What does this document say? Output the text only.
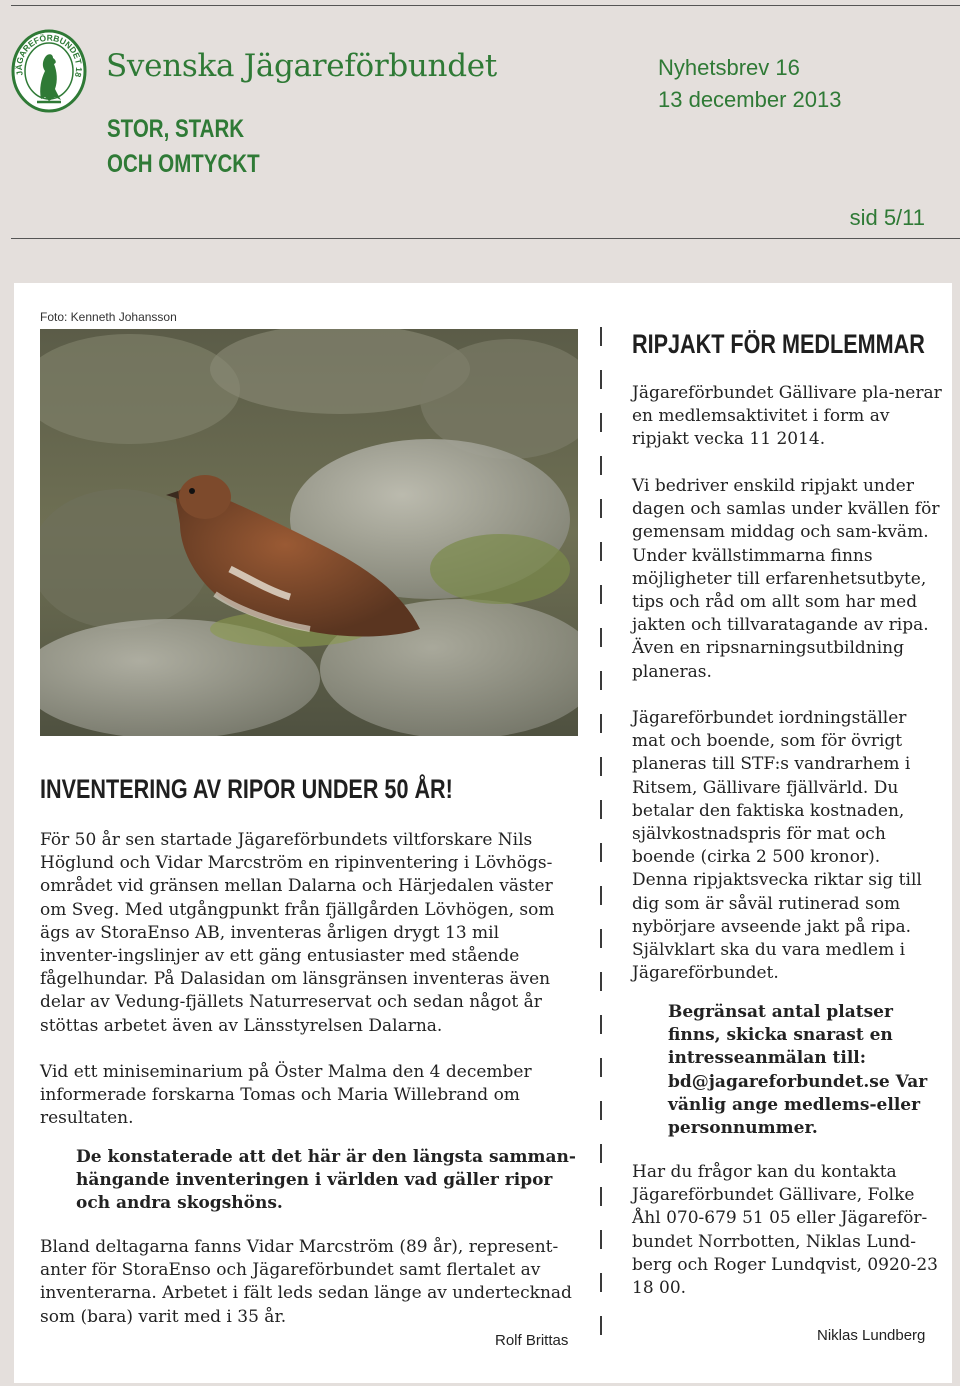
JÄGAREFÖRBUNDET 18 Svenska Jägareförbundet
STOR, STARK
OCH OMTYCKT
Nyhetsbrev 16
13 december 2013
sid 5/11
Foto: Kenneth Johansson
INVENTERING AV RIPOR UNDER 50 ÅR!

För 50 år sen startade Jägareförbundets viltforskare Nils Höglund och Vidar Marcström en ripinventering i Lövhögs-området vid gränsen mellan Dalarna och Härjedalen väster om Sveg. Med utgångpunkt från fjällgården Lövhögen, som ägs av StoraEnso AB, inventeras årligen drygt 13 mil inventer-ingslinjer av ett gäng entusiaster med stående fågelhundar. På Dalasidan om länsgränsen inventeras även delar av Vedung-fjällets Naturreservat och sedan något år stöttas arbetet även av Länsstyrelsen Dalarna.

Vid ett miniseminarium på Öster Malma den 4 december informerade forskarna Tomas och Maria Willebrand om resultaten.

De konstaterade att det här är den längsta samman-hängande inventeringen i världen vad gäller ripor och andra skogshöns.

Bland deltagarna fanns Vidar Marcström (89 år), represent-anter för StoraEnso och Jägareförbundet samt flertalet av inventerarna. Arbetet i fält leds sedan länge av undertecknad som (bara) varit med i 35 år.

Rolf Brittas
RIPJAKT FÖR MEDLEMMAR

Jägareförbundet Gällivare pla-nerar en medlemsaktivitet i form av ripjakt vecka 11 2014.

Vi bedriver enskild ripjakt under dagen och samlas under kvällen för gemensam middag och sam-kväm. Under kvällstimmarna finns möjligheter till erfarenhetsutbyte, tips och råd om allt som har med jakten och tillvaratagande av ripa. Även en ripsnarningsutbildning planeras.

Jägareförbundet iordningställer mat och boende, som för övrigt planeras till STF:s vandrarhem i Ritsem, Gällivare fjällvärld. Du betalar den faktiska kostnaden, självkostnadspris för mat och boende (cirka 2 500 kronor). Denna ripjaktsvecka riktar sig till dig som är såväl rutinerad som nybörjare avseende jakt på ripa. Självklart ska du vara medlem i Jägareförbundet.

Begränsat antal platser finns, skicka snarast en intresseanmälan till: bd@jagareforbundet.se Var vänlig ange medlems-eller personnummer.

Har du frågor kan du kontakta Jägareförbundet Gällivare, Folke Åhl 070-679 51 05 eller Jägareför-bundet Norrbotten, Niklas Lund-berg och Roger Lundqvist, 0920-23 18 00.

Niklas Lundberg
